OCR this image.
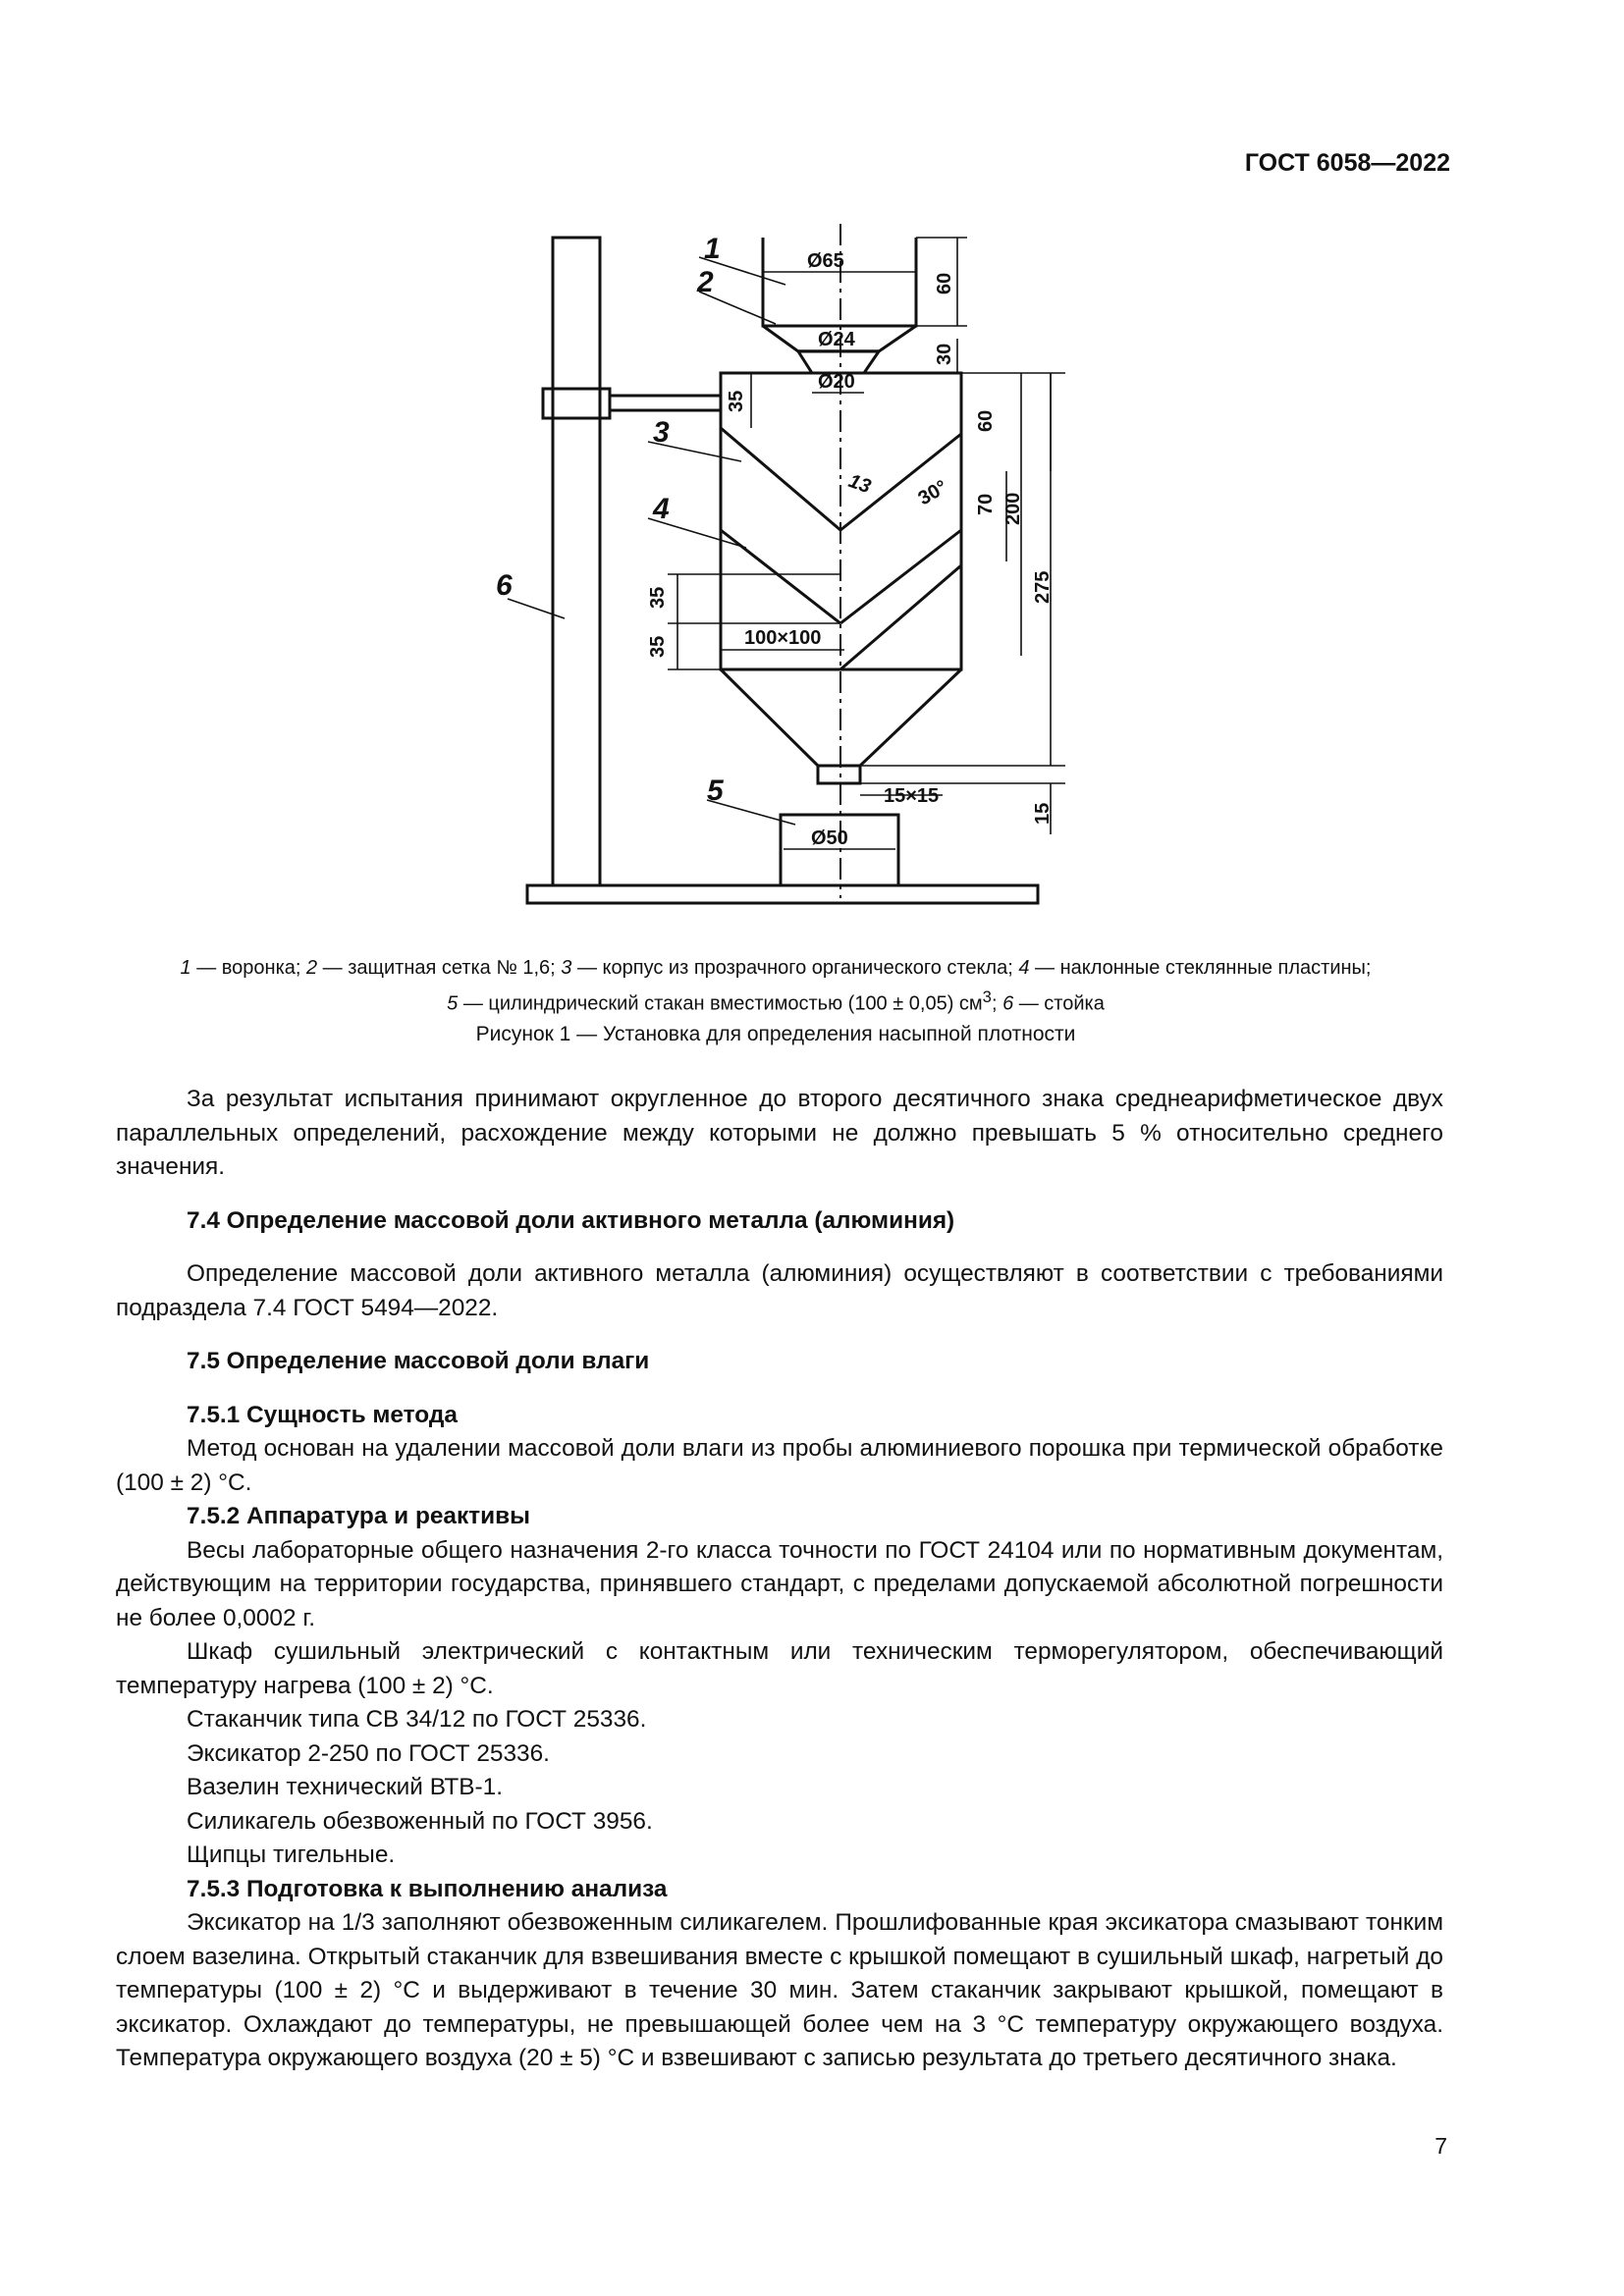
ГОСТ 6058—2022
1
2
3
4
5
6
Ø65
Ø24
Ø20
Ø50
100×100
15×15
13 30°
60
30
35
60
70 200
275
35
35
15
1 — воронка; 2 — защитная сетка № 1,6; 3 — корпус из прозрачного органического стекла; 4 — наклонные стеклянные пластины;
5 — цилиндрический стакан вместимостью (100 ± 0,05) $см^3$; 6 — стойка
Рисунок 1 — Установка для определения насыпной плотности

За результат испытания принимают округленное до второго десятичного знака среднеарифметическое двух параллельных определений, расхождение между которыми не должно превышать 5 % относительно среднего значения.

7.4 Определение массовой доли активного металла (алюминия)

Определение массовой доли активного металла (алюминия) осуществляют в соответствии с требованиями подраздела 7.4 ГОСТ 5494—2022.

7.5 Определение массовой доли влаги

7.5.1 Сущность метода

Метод основан на удалении массовой доли влаги из пробы алюминиевого порошка при термической обработке (100 ± 2) °C.

7.5.2 Аппаратура и реактивы

Весы лабораторные общего назначения 2-го класса точности по ГОСТ 24104 или по нормативным документам, действующим на территории государства, принявшего стандарт, с пределами допускаемой абсолютной погрешности не более 0,0002 г.

Шкаф сушильный электрический с контактным или техническим терморегулятором, обеспечивающий температуру нагрева (100 ± 2) °C.

Стаканчик типа СВ 34/12 по ГОСТ 25336.

Эксикатор 2-250 по ГОСТ 25336.

Вазелин технический ВТВ-1.

Силикагель обезвоженный по ГОСТ 3956.

Щипцы тигельные.

7.5.3 Подготовка к выполнению анализа

Эксикатор на 1/3 заполняют обезвоженным силикагелем. Прошлифованные края эксикатора смазывают тонким слоем вазелина. Открытый стаканчик для взвешивания вместе с крышкой помещают в сушильный шкаф, нагретый до температуры (100 ± 2) °C и выдерживают в течение 30 мин. Затем стаканчик закрывают крышкой, помещают в эксикатор. Охлаждают до температуры, не превышающей более чем на 3 °C температуру окружающего воздуха. Температура окружающего воздуха (20 ± 5) °C и взвешивают с записью результата до третьего десятичного знака.

7
